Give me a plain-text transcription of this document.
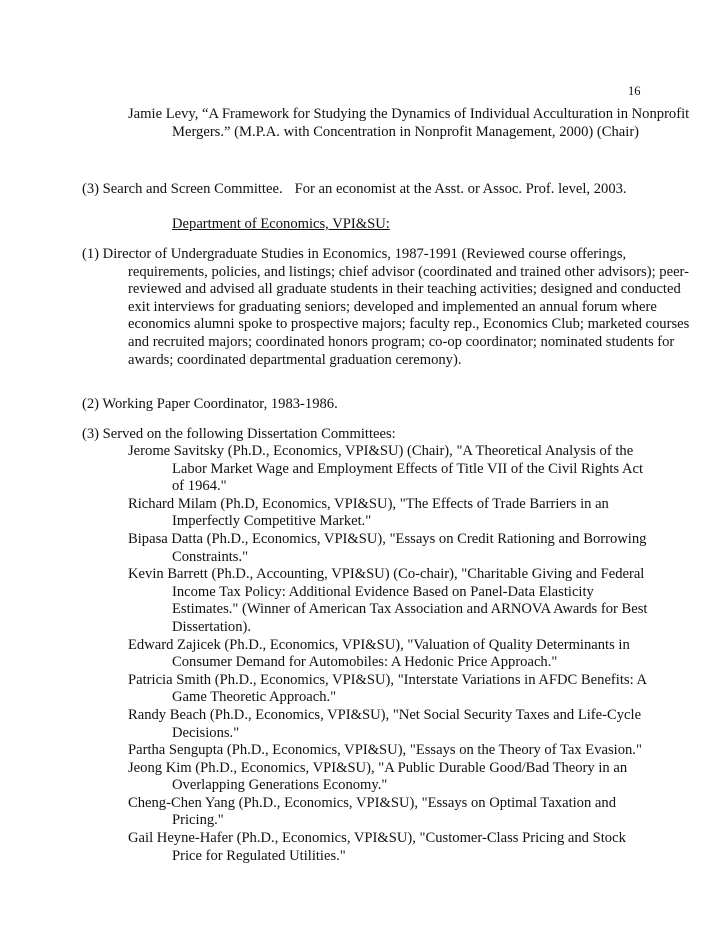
16
Jamie Levy, “A Framework for Studying the Dynamics of Individual Acculturation in Nonprofit Mergers.” (M.P.A. with Concentration in Nonprofit Management, 2000) (Chair)
(3) Search and Screen Committee. For an economist at the Asst. or Assoc. Prof. level, 2003.
Department of Economics, VPI&SU:
(1) Director of Undergraduate Studies in Economics, 1987-1991 (Reviewed course offerings, requirements, policies, and listings; chief advisor (coordinated and trained other advisors); peer-reviewed and advised all graduate students in their teaching activities; designed and conducted exit interviews for graduating seniors; developed and implemented an annual forum where economics alumni spoke to prospective majors; faculty rep., Economics Club; marketed courses and recruited majors; coordinated honors program; co-op coordinator; nominated students for awards; coordinated departmental graduation ceremony).
(2) Working Paper Coordinator, 1983-1986.
(3) Served on the following Dissertation Committees:
Jerome Savitsky (Ph.D., Economics, VPI&SU) (Chair), "A Theoretical Analysis of the Labor Market Wage and Employment Effects of Title VII of the Civil Rights Act of 1964."
Richard Milam (Ph.D, Economics, VPI&SU), "The Effects of Trade Barriers in an Imperfectly Competitive Market."
Bipasa Datta (Ph.D., Economics, VPI&SU), "Essays on Credit Rationing and Borrowing Constraints."
Kevin Barrett (Ph.D., Accounting, VPI&SU) (Co-chair), "Charitable Giving and Federal Income Tax Policy: Additional Evidence Based on Panel-Data Elasticity Estimates." (Winner of American Tax Association and ARNOVA Awards for Best Dissertation).
Edward Zajicek (Ph.D., Economics, VPI&SU), "Valuation of Quality Determinants in Consumer Demand for Automobiles: A Hedonic Price Approach."
Patricia Smith (Ph.D., Economics, VPI&SU), "Interstate Variations in AFDC Benefits: A Game Theoretic Approach."
Randy Beach (Ph.D., Economics, VPI&SU), "Net Social Security Taxes and Life-Cycle Decisions."
Partha Sengupta (Ph.D., Economics, VPI&SU), "Essays on the Theory of Tax Evasion."
Jeong Kim (Ph.D., Economics, VPI&SU), "A Public Durable Good/Bad Theory in an Overlapping Generations Economy."
Cheng-Chen Yang (Ph.D., Economics, VPI&SU), "Essays on Optimal Taxation and Pricing."
Gail Heyne-Hafer (Ph.D., Economics, VPI&SU), "Customer-Class Pricing and Stock Price for Regulated Utilities."
